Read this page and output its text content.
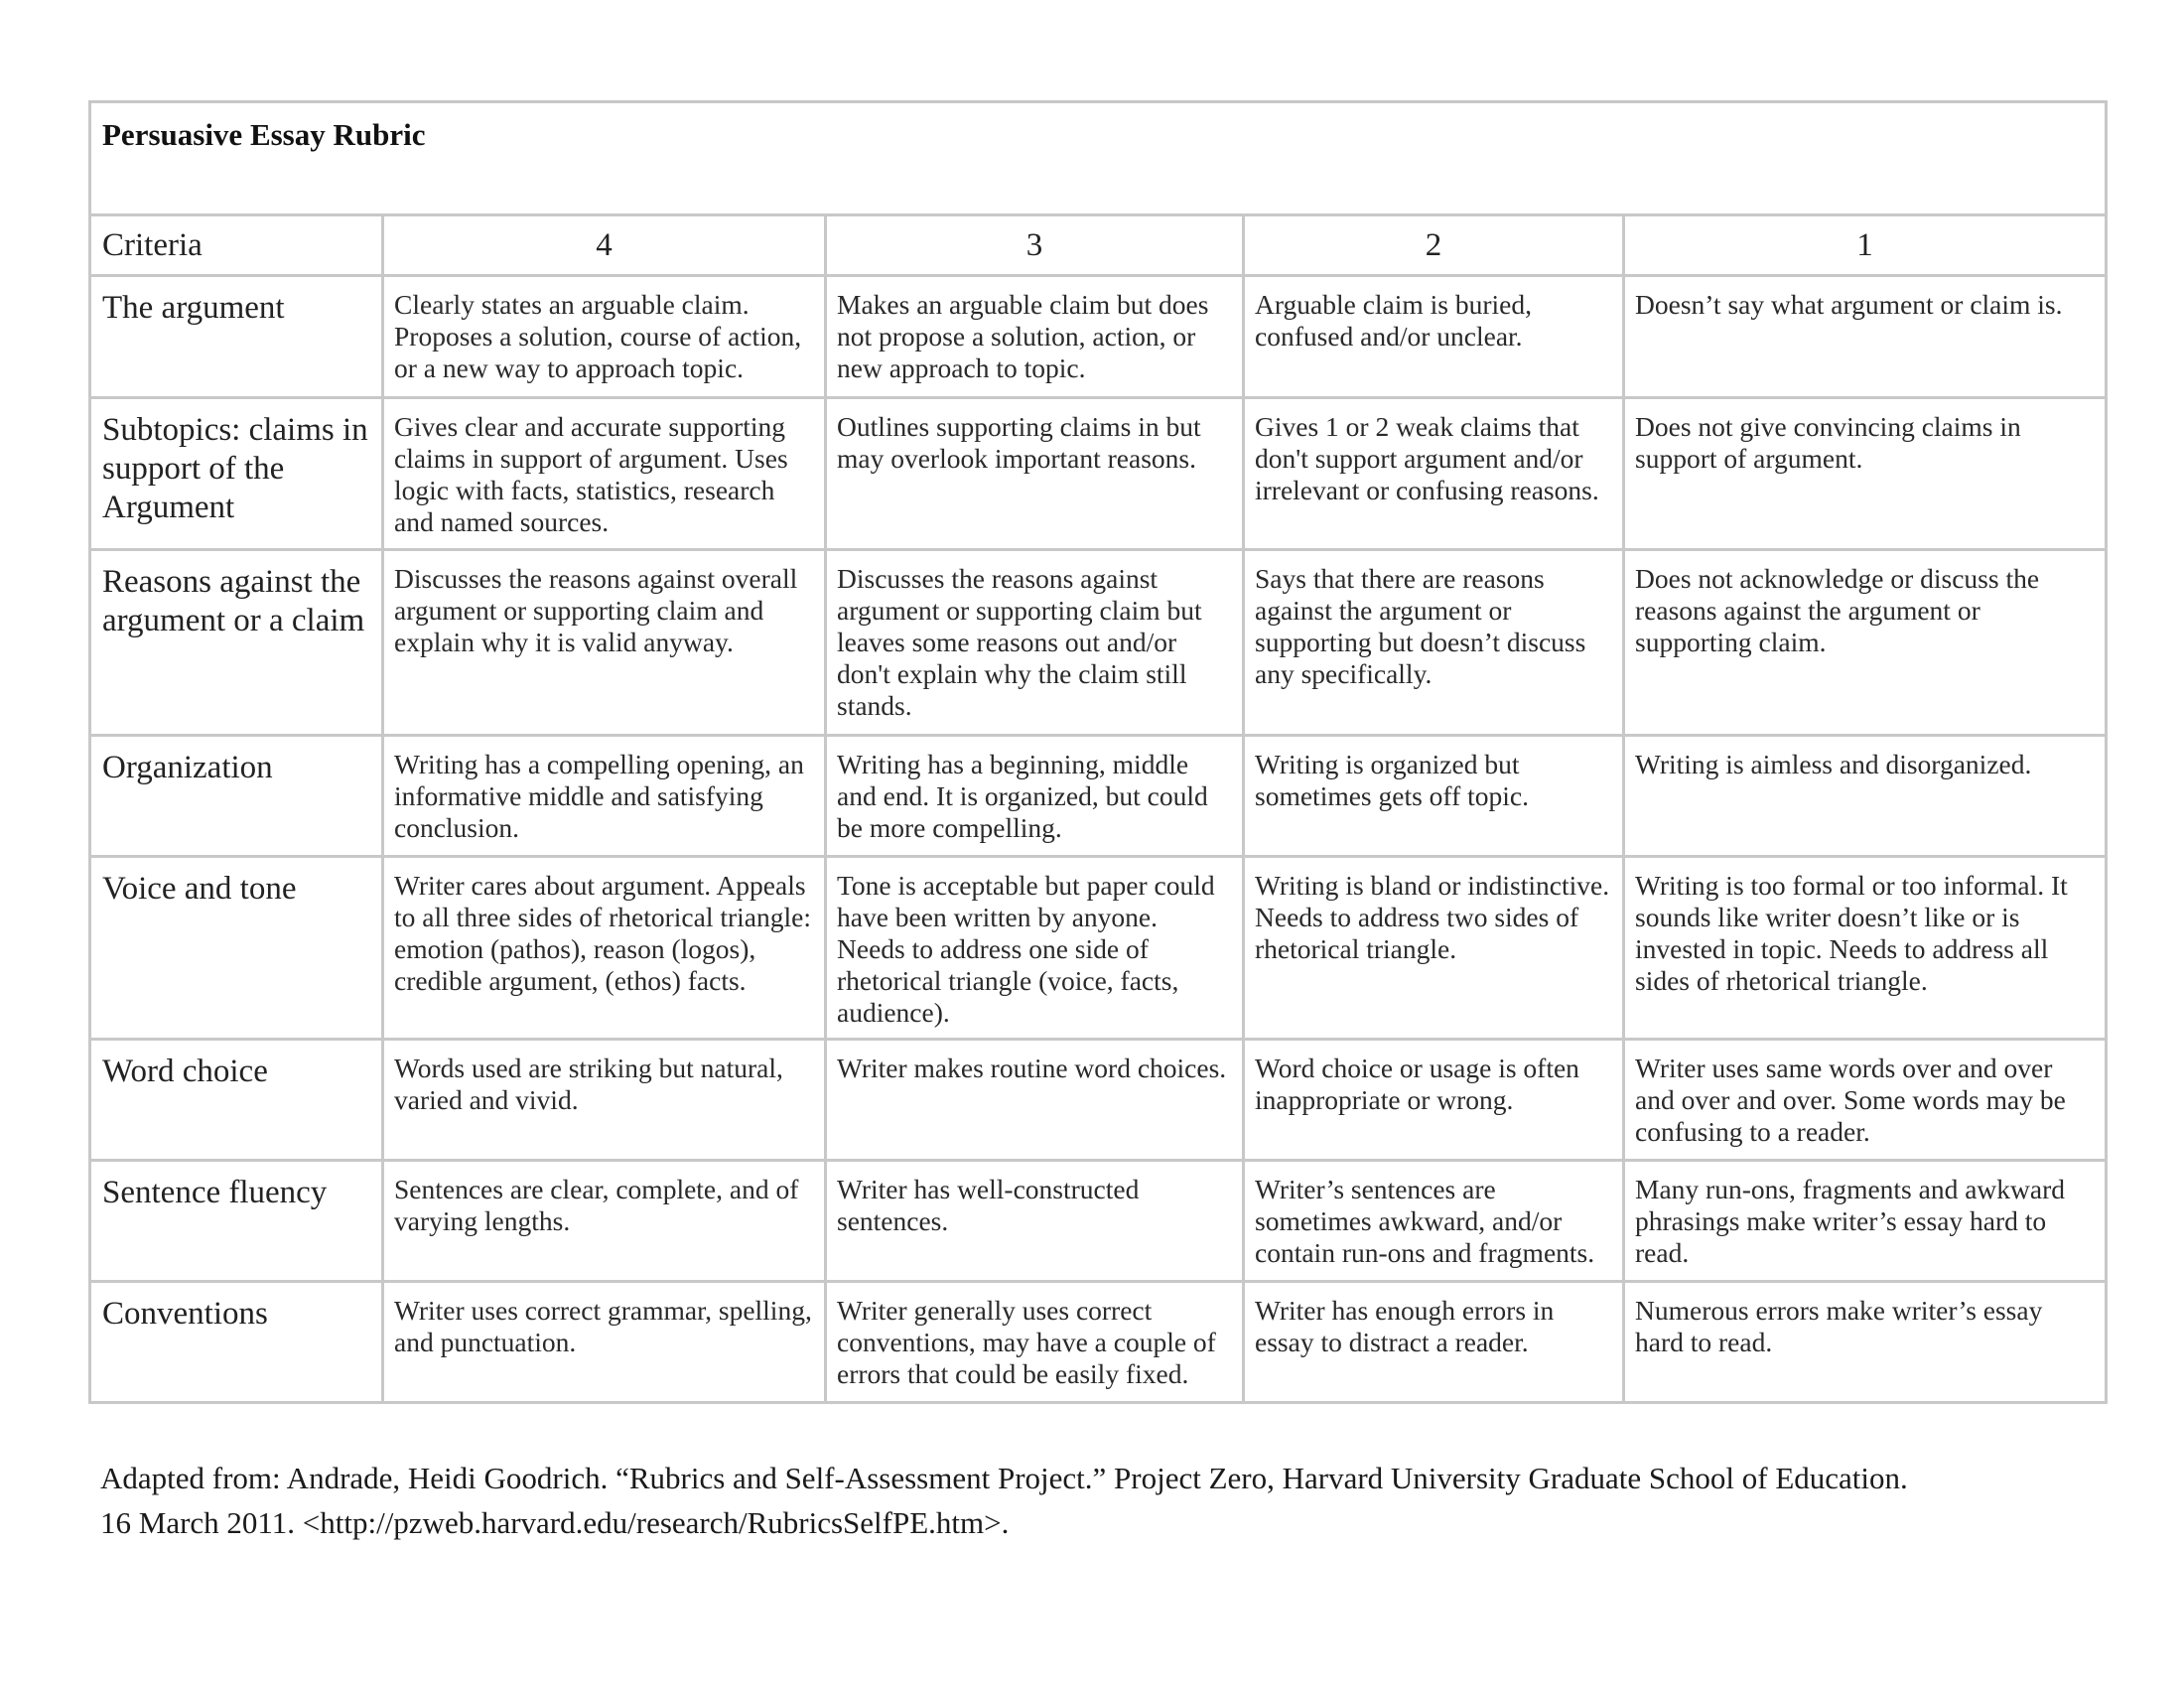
Persuasive Essay Rubric				
Criteria	4	3	2	1
The argument	Clearly states an arguable claim. Proposes a solution, course of action, or a new way to approach topic.	Makes an arguable claim but does not propose a solution, action, or new approach to topic.	Arguable claim is buried, confused and/or unclear.	Doesn’t say what argument or claim is.
Subtopics: claims in support of the Argument	Gives clear and accurate supporting claims in support of argument. Uses logic with facts, statistics, research and named sources.	Outlines supporting claims in but may overlook important reasons.	Gives 1 or 2 weak claims that don't support argument and/or irrelevant or confusing reasons.	Does not give convincing claims in support of argument.
Reasons against the argument or a claim	Discusses the reasons against overall argument or supporting claim and explain why it is valid anyway.	Discusses the reasons against argument or supporting claim but leaves some reasons out and/or don't explain why the claim still stands.	Says that there are reasons against the argument or supporting but doesn’t discuss any specifically.	Does not acknowledge or discuss the reasons against the argument or supporting claim.
Organization	Writing has a compelling opening, an informative middle and satisfying conclusion.	Writing has a beginning, middle and end. It is organized, but could be more compelling.	Writing is organized but sometimes gets off topic.	Writing is aimless and disorganized.
Voice and tone	Writer cares about argument. Appeals to all three sides of rhetorical triangle: emotion (pathos), reason (logos), credible argument, (ethos) facts.	Tone is acceptable but paper could have been written by anyone. Needs to address one side of rhetorical triangle (voice, facts, audience).	Writing is bland or indistinctive. Needs to address two sides of rhetorical triangle.	Writing is too formal or too informal. It sounds like writer doesn’t like or is invested in topic. Needs to address all sides of rhetorical triangle.
Word choice	Words used are striking but natural, varied and vivid.	Writer makes routine word choices.	Word choice or usage is often inappropriate or wrong.	Writer uses same words over and over and over and over. Some words may be confusing to a reader.
Sentence fluency	Sentences are clear, complete, and of varying lengths.	Writer has well-constructed sentences.	Writer’s sentences are sometimes awkward, and/or contain run-ons and fragments.	Many run-ons, fragments and awkward phrasings make writer’s essay hard to read.
Conventions	Writer uses correct grammar, spelling, and punctuation.	Writer generally uses correct conventions, may have a couple of errors that could be easily fixed.	Writer has enough errors in essay to distract a reader.	Numerous errors make writer’s essay hard to read.
Adapted from: Andrade, Heidi Goodrich. “Rubrics and Self-Assessment Project.” Project Zero, Harvard University Graduate School of Education.
16 March 2011. <http://pzweb.harvard.edu/research/RubricsSelfPE.htm>.
